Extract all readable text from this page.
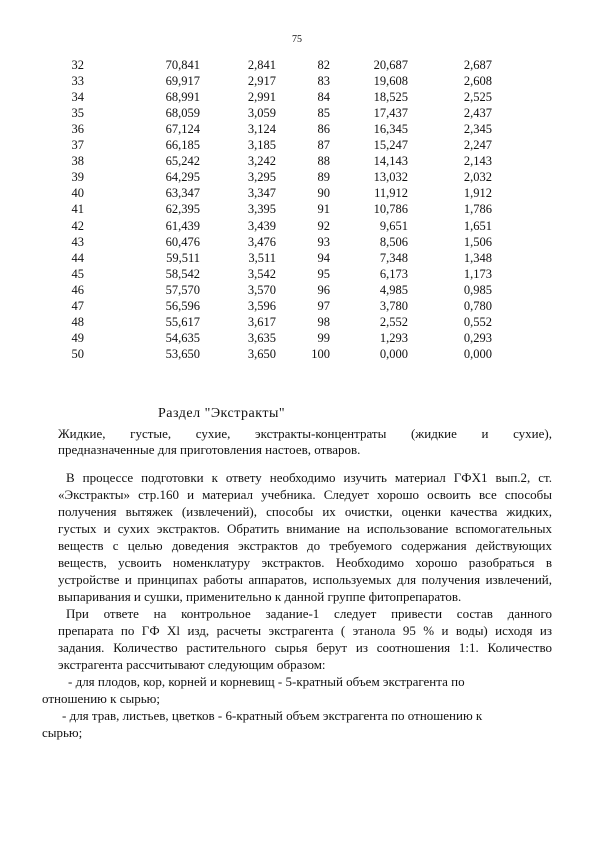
75
32	70,841	2,841	82	20,687	2,687
33	69,917	2,917	83	19,608	2,608
34	68,991	2,991	84	18,525	2,525
35	68,059	3,059	85	17,437	2,437
36	67,124	3,124	86	16,345	2,345
37	66,185	3,185	87	15,247	2,247
38	65,242	3,242	88	14,143	2,143
39	64,295	3,295	89	13,032	2,032
40	63,347	3,347	90	11,912	1,912
41	62,395	3,395	91	10,786	1,786
42	61,439	3,439	92	9,651	1,651
43	60,476	3,476	93	8,506	1,506
44	59,511	3,511	94	7,348	1,348
45	58,542	3,542	95	6,173	1,173
46	57,570	3,570	96	4,985	0,985
47	56,596	3,596	97	3,780	0,780
48	55,617	3,617	98	2,552	0,552
49	54,635	3,635	99	1,293	0,293
50	53,650	3,650	100	0,000	0,000
Раздел "Экстракты"
Жидкие, густые, сухие, экстракты-концентраты (жидкие и сухие),
предназначенные для приготовления настоев, отваров.
В процессе подготовки к ответу необходимо изучить материал ГФХ1 вып.2, ст.
«Экстракты» стр.160 и материал учебника. Следует хорошо освоить все способы
получения вытяжек (извлечений), способы их очистки, оценки качества жидких,
густых и сухих экстрактов. Обратить внимание на использование вспомогательных
веществ с целью доведения экстрактов до требуемого содержания действующих
веществ, усвоить номенклатуру экстрактов. Необходимо хорошо разобраться в
устройстве и принципах работы аппаратов, используемых для получения извлечений,
выпаривания и сушки, применительно к данной группе фитопрепаратов.
При ответе на контрольное задание-1 следует привести состав данного
препарата по ГФ Xl изд, расчеты экстрагента ( этанола 95 % и воды) исходя из
задания. Количество растительного сырья берут из соотношения 1:1. Количество
экстрагента рассчитывают следующим образом:
- для плодов, кор, корней и корневищ - 5-кратный объем экстрагента по
отношению к сырью;
- для трав, листьев, цветков - 6-кратный объем экстрагента по отношению к
сырью;
